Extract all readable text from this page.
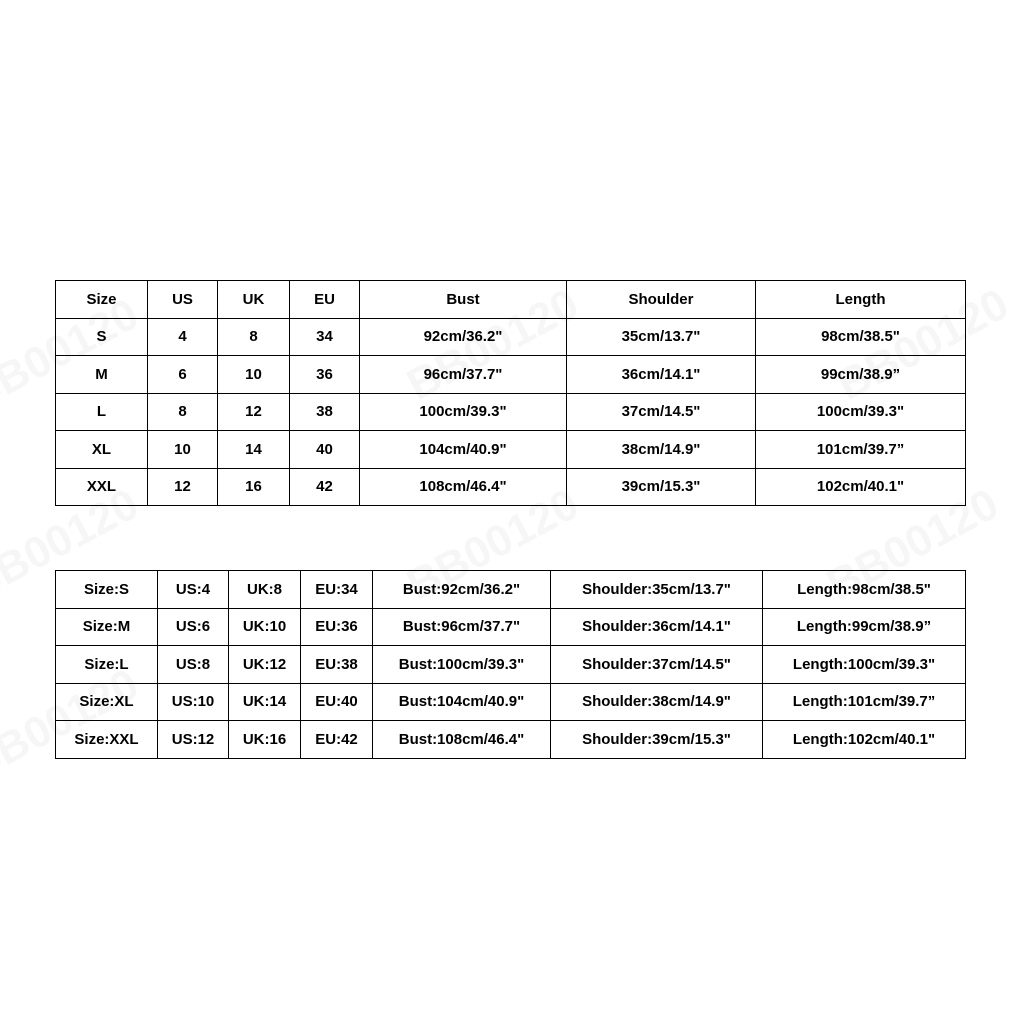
Size	US	UK	EU	Bust	Shoulder	Length
S	4	8	34	92cm/36.2"	35cm/13.7"	98cm/38.5"
M	6	10	36	96cm/37.7"	36cm/14.1"	99cm/38.9”
L	8	12	38	100cm/39.3"	37cm/14.5"	100cm/39.3"
XL	10	14	40	104cm/40.9"	38cm/14.9"	101cm/39.7”
XXL	12	16	42	108cm/46.4"	39cm/15.3"	102cm/40.1"
Size:S	US:4	UK:8	EU:34	Bust:92cm/36.2"	Shoulder:35cm/13.7"	Length:98cm/38.5"
Size:M	US:6	UK:10	EU:36	Bust:96cm/37.7"	Shoulder:36cm/14.1"	Length:99cm/38.9”
Size:L	US:8	UK:12	EU:38	Bust:100cm/39.3"	Shoulder:37cm/14.5"	Length:100cm/39.3"
Size:XL	US:10	UK:14	EU:40	Bust:104cm/40.9"	Shoulder:38cm/14.9"	Length:101cm/39.7”
Size:XXL	US:12	UK:16	EU:42	Bust:108cm/46.4"	Shoulder:39cm/15.3"	Length:102cm/40.1"
